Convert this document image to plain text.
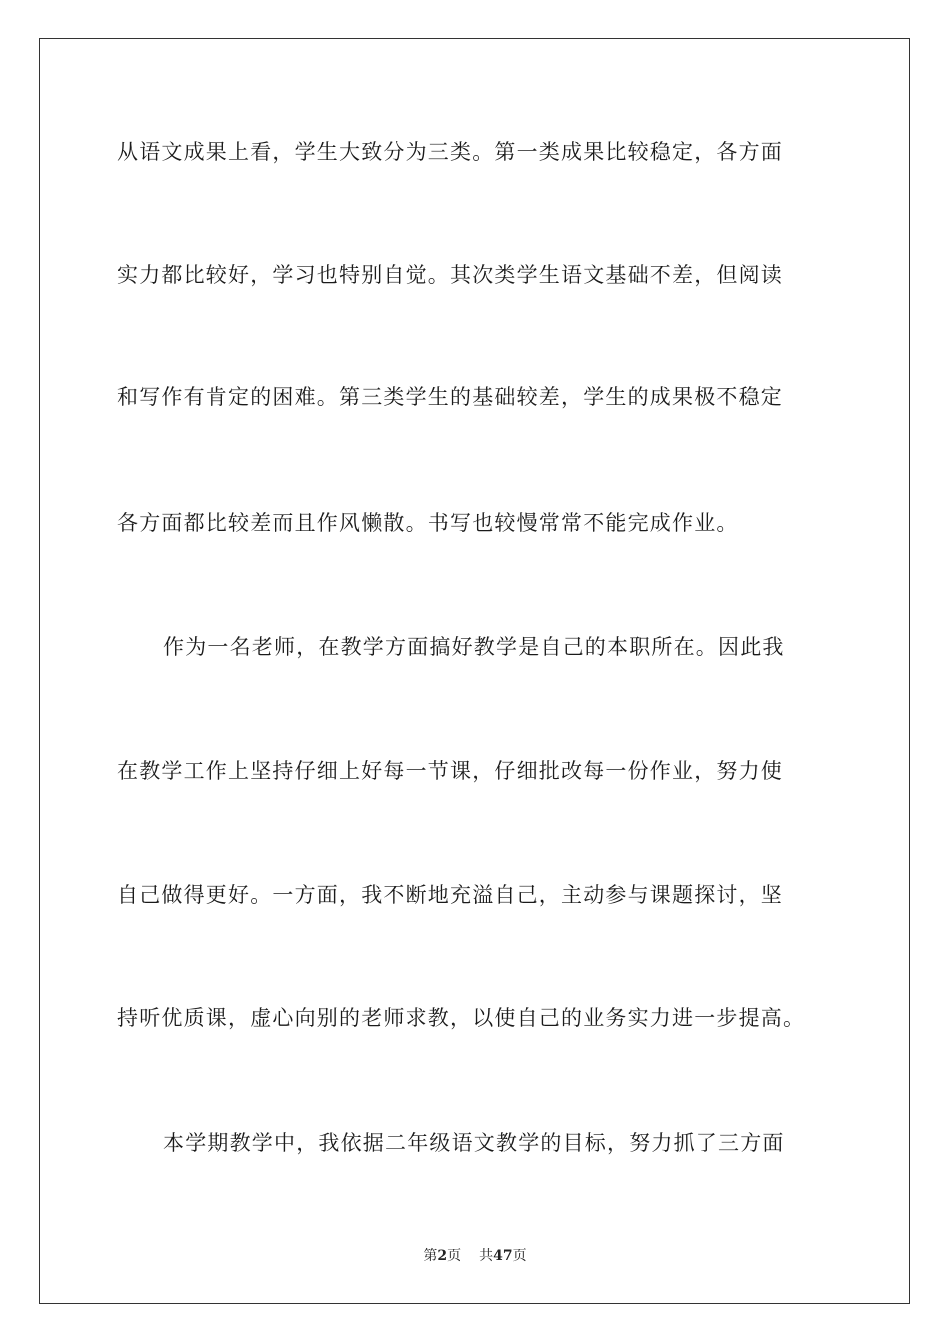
从语文成果上看，学生大致分为三类。第一类成果比较稳定，各方面
实力都比较好，学习也特别自觉。其次类学生语文基础不差，但阅读
和写作有肯定的困难。第三类学生的基础较差，学生的成果极不稳定
各方面都比较差而且作风懒散。书写也较慢常常不能完成作业。
作为一名老师，在教学方面搞好教学是自己的本职所在。因此我
在教学工作上坚持仔细上好每一节课，仔细批改每一份作业，努力使
自己做得更好。一方面，我不断地充溢自己，主动参与课题探讨，坚
持听优质课，虚心向别的老师求教，以使自己的业务实力进一步提高。
本学期教学中，我依据二年级语文教学的目标，努力抓了三方面
第2页 共47页
